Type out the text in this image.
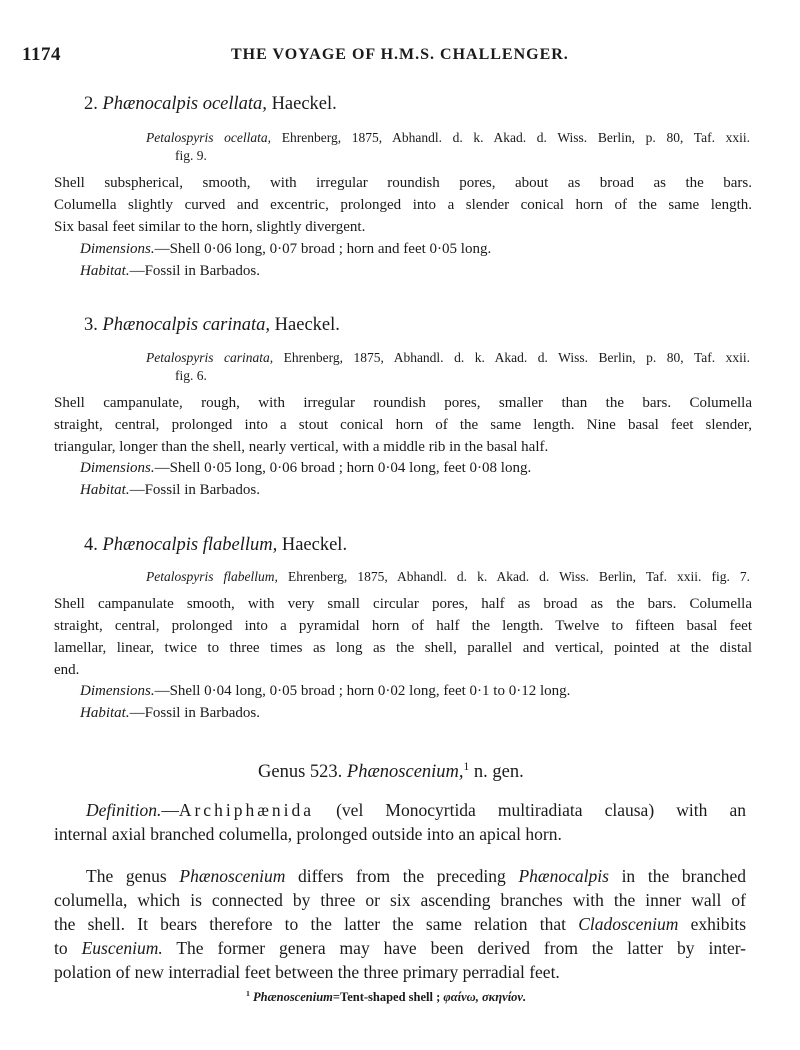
1174	THE VOYAGE OF H.M.S. CHALLENGER.
2. Phænocalpis ocellata, Haeckel.
Petalospyris ocellata, Ehrenberg, 1875, Abhandl. d. k. Akad. d. Wiss. Berlin, p. 80, Taf. xxii.
fig. 9.
Shell subspherical, smooth, with irregular roundish pores, about as broad as the bars.
Columella slightly curved and excentric, prolonged into a slender conical horn of the same length.
Six basal feet similar to the horn, slightly divergent.
Dimensions.—Shell 0·06 long, 0·07 broad ; horn and feet 0·05 long.
Habitat.—Fossil in Barbados.
3. Phænocalpis carinata, Haeckel.
Petalospyris carinata, Ehrenberg, 1875, Abhandl. d. k. Akad. d. Wiss. Berlin, p. 80, Taf. xxii.
fig. 6.
Shell campanulate, rough, with irregular roundish pores, smaller than the bars. Columella
straight, central, prolonged into a stout conical horn of the same length. Nine basal feet slender,
triangular, longer than the shell, nearly vertical, with a middle rib in the basal half.
Dimensions.—Shell 0·05 long, 0·06 broad ; horn 0·04 long, feet 0·08 long.
Habitat.—Fossil in Barbados.
4. Phænocalpis flabellum, Haeckel.
Petalospyris flabellum, Ehrenberg, 1875, Abhandl. d. k. Akad. d. Wiss. Berlin, Taf. xxii. fig. 7.
Shell campanulate smooth, with very small circular pores, half as broad as the bars. Columella
straight, central, prolonged into a pyramidal horn of half the length. Twelve to fifteen basal feet
lamellar, linear, twice to three times as long as the shell, parallel and vertical, pointed at the distal
end.
Dimensions.—Shell 0·04 long, 0·05 broad ; horn 0·02 long, feet 0·1 to 0·12 long.
Habitat.—Fossil in Barbados.
Genus 523. Phænoscenium,$^1$ n. gen.
Definition.—Archiphænida (vel Monocyrtida multiradiata clausa) with an
internal axial branched columella, prolonged outside into an apical horn.
The genus Phænoscenium differs from the preceding Phænocalpis in the branched
columella, which is connected by three or six ascending branches with the inner wall of
the shell. It bears therefore to the latter the same relation that Cladoscenium exhibits
to Euscenium. The former genera may have been derived from the latter by inter-
polation of new interradial feet between the three primary perradial feet.
$^1$ Phænoscenium=Tent-shaped shell ; φαίνω, σκηνίον.
